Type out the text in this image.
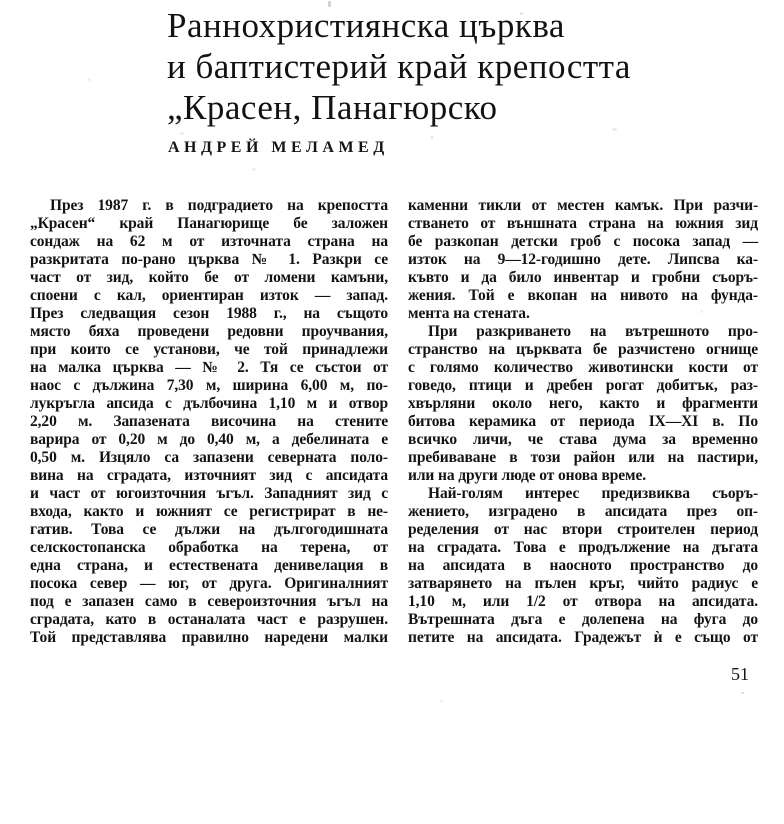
Раннохристиянска църква
и баптистерий край крепостта
„Красен, Панагюрско
АНДРЕЙ МЕЛАМЕД
През 1987 г. в подградието на крепостта
„Красен“ край Панагюрище бе заложен
сондаж на 62 м от източната страна на
разкритата по-рано църква № 1. Разкри се
част от зид, който бе от ломени камъни,
споени с кал, ориентиран изток — запад.
През следващия сезон 1988 г., на същото
място бяха проведени редовни проучвания,
при които се установи, че той принадлежи
на малка църква — № 2. Тя се състои от
наос с дължина 7,30 м, ширина 6,00 м, по-
лукръгла апсида с дълбочина 1,10 м и отвор
2,20 м. Запазената височина на стените
варира от 0,20 м до 0,40 м, а дебелината е
0,50 м. Изцяло са запазени северната поло-
вина на сградата, източният зид с апсидата
и част от югоизточния ъгъл. Западният зид с
входа, както и южният се регистрират в не-
гатив. Това се дължи на дългогодишната
селскостопанска обработка на терена, от
една страна, и естествената денивелация в
посока север — юг, от друга. Оригиналният
под е запазен само в североизточния ъгъл на
сградата, като в останалата част е разрушен.
Той представлява правилно наредени малки
каменни тикли от местен камък. При разчи-
стването от външната страна на южния зид
бе разкопан детски гроб с посока запад —
изток на 9—12-годишно дете. Липсва ка-
къвто и да било инвентар и гробни съоръ-
жения. Той е вкопан на нивото на фунда-
мента на стената.
При разкриването на вътрешното про-
странство на църквата бе разчистено огнище
с голямо количество животински кости от
говедо, птици и дребен рогат добитък, раз-
хвърляни около него, както и фрагменти
битова керамика от периода IX—XI в. По
всичко личи, че става дума за временно
пребиваване в този район или на пастири,
или на други люде от онова време.
Най-голям интерес предизвиква съоръ-
жението, изградено в апсидата през оп-
ределения от нас втори строителен период
на сградата. Това е продължение на дъгата
на апсидата в наосното пространство до
затварянето на пълен кръг, чийто радиус е
1,10 м, или 1/2 от отвора на апсидата.
Вътрешната дъга е долепена на фуга до
петите на апсидата. Градежът ѝ е също от
51
